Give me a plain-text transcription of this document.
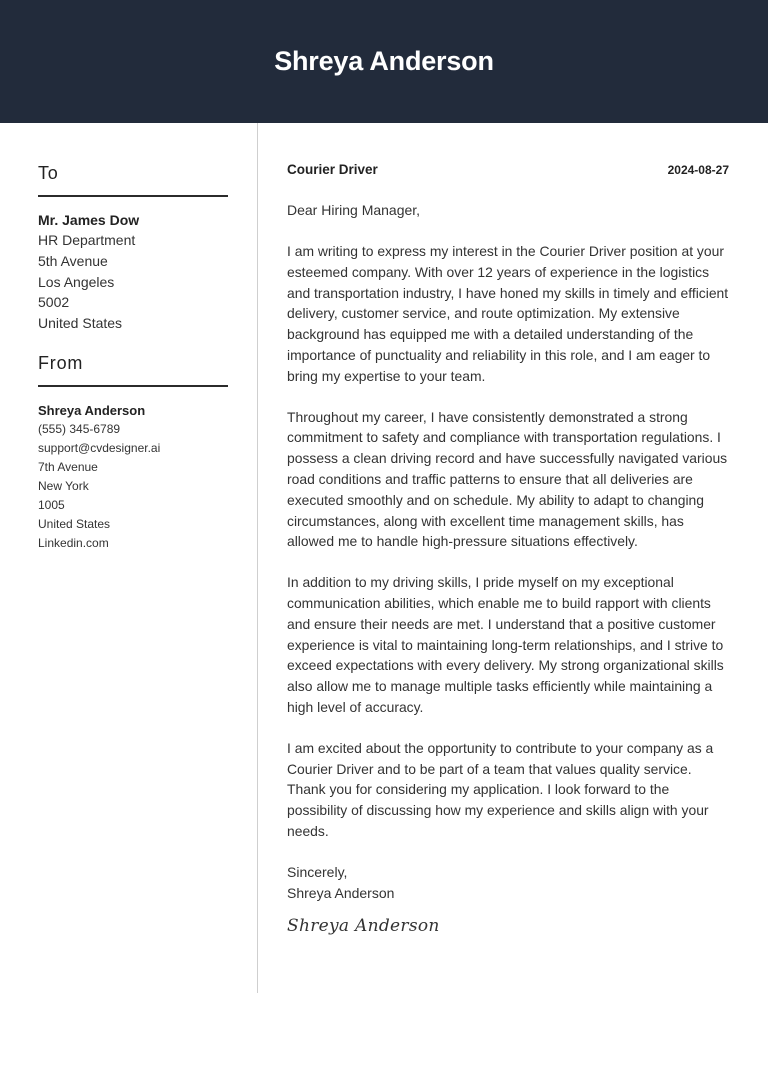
Shreya Anderson
To
Mr. James Dow
HR Department
5th Avenue
Los Angeles
5002
United States
From
Shreya Anderson
(555) 345-6789
support@cvdesigner.ai
7th Avenue
New York
1005
United States
Linkedin.com
Courier Driver	2024-08-27
Dear Hiring Manager,

I am writing to express my interest in the Courier Driver position at your esteemed company. With over 12 years of experience in the logistics and transportation industry, I have honed my skills in timely and efficient delivery, customer service, and route optimization. My extensive background has equipped me with a detailed understanding of the importance of punctuality and reliability in this role, and I am eager to bring my expertise to your team.

Throughout my career, I have consistently demonstrated a strong commitment to safety and compliance with transportation regulations. I possess a clean driving record and have successfully navigated various road conditions and traffic patterns to ensure that all deliveries are executed smoothly and on schedule. My ability to adapt to changing circumstances, along with excellent time management skills, has allowed me to handle high-pressure situations effectively.

In addition to my driving skills, I pride myself on my exceptional communication abilities, which enable me to build rapport with clients and ensure their needs are met. I understand that a positive customer experience is vital to maintaining long-term relationships, and I strive to exceed expectations with every delivery. My strong organizational skills also allow me to manage multiple tasks efficiently while maintaining a high level of accuracy.

I am excited about the opportunity to contribute to your company as a Courier Driver and to be part of a team that values quality service. Thank you for considering my application. I look forward to the possibility of discussing how my experience and skills align with your needs.

Sincerely,
Shreya Anderson
Shreya Anderson
